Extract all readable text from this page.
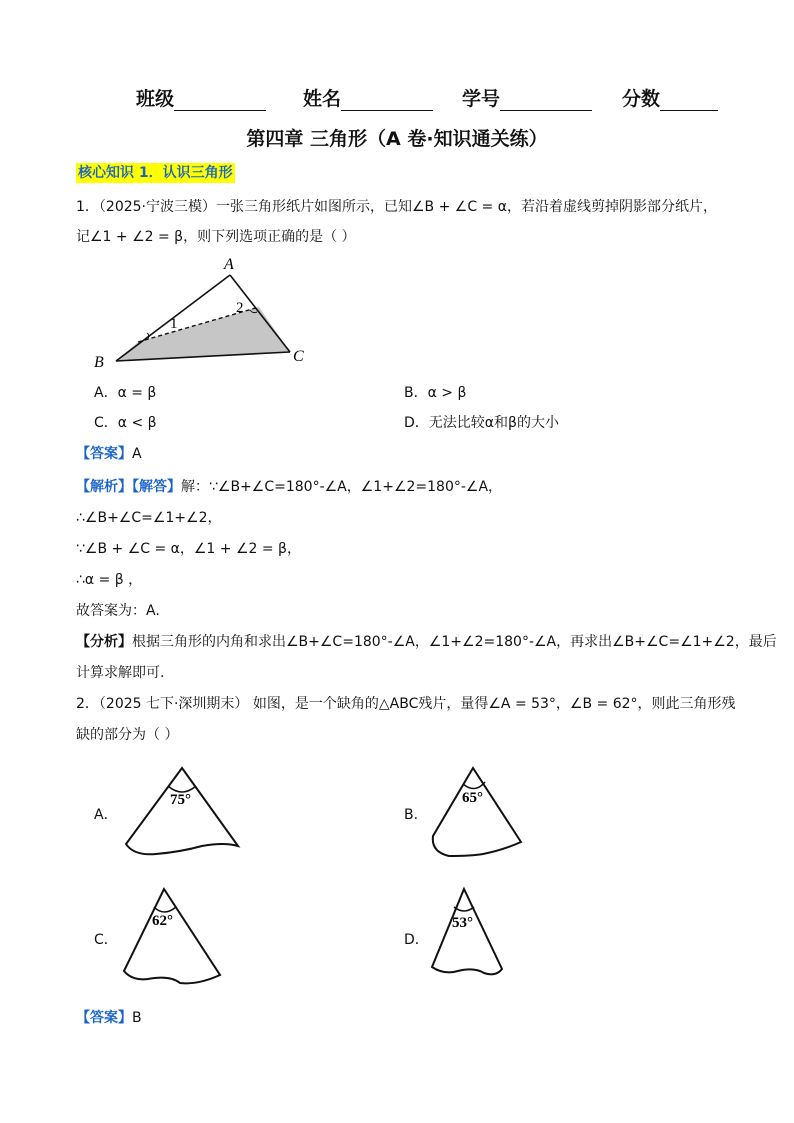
班级	姓名	学号	分数
第四章 三角形（A 卷·知识通关练）
核心知识 1．认识三角形
1．（2025·宁波三模）一张三角形纸片如图所示，已知∠B + ∠C = α，若沿着虚线剪掉阴影部分纸片，
记∠1 + ∠2 = β，则下列选项正确的是（ ）
A
B	C
1
2
A．α = β	B．α > β
C．α < β	D．无法比较α和β的大小
【答案】A
【解析】【解答】解：∵∠B+∠C=180°-∠A，∠1+∠2=180°-∠A，
∴∠B+∠C=∠1+∠2，
∵∠B + ∠C = α，∠1 + ∠2 = β，
∴α = β ，
故答案为：A.
【分析】根据三角形的内角和求出∠B+∠C=180°-∠A，∠1+∠2=180°-∠A，再求出∠B+∠C=∠1+∠2，最后
计算求解即可.
2．（2025 七下·深圳期末） 如图，是一个缺角的△ABC残片，量得∠A = 53°，∠B = 62°，则此三角形残
缺的部分为（ ）
A．
75°
B．
65°
C．
62°
D．
53°
【答案】B
